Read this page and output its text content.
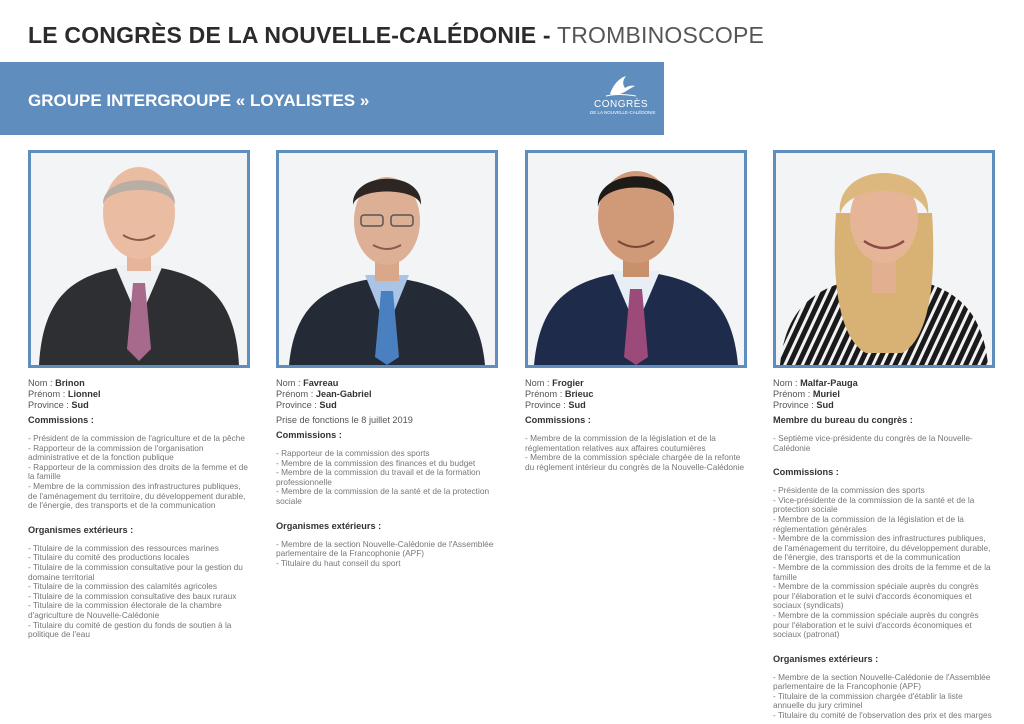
LE CONGRÈS DE LA NOUVELLE-CALÉDONIE - TROMBINOSCOPE
GROUPE INTERGROUPE « LOYALISTES »	CONGRÈS
DE LA NOUVELLE-CALÉDONIE
Nom : Brinon
Prénom : Lionnel
Province : Sud
Commissions :
- Président de la commission de l'agriculture et de la pêche
- Rapporteur de la commission de l'organisation administrative et de la fonction publique
- Rapporteur de la commission des droits de la femme et de la famille
- Membre de la commission des infrastructures publiques, de l'aménagement du territoire, du développement durable, de l'énergie, des transports et de la communication
Organismes extérieurs :
- Titulaire de la commission des ressources marines
- Titulaire du comité des productions locales
- Titulaire de la commission consultative pour la gestion du domaine territorial
- Titulaire de la commission des calamités agricoles
- Titulaire de la commission consultative des baux ruraux
- Titulaire de la commission électorale de la chambre d'agriculture de Nouvelle-Calédonie
- Titulaire du comité de gestion du fonds de soutien à la politique de l'eau
Nom : Favreau
Prénom : Jean-Gabriel
Province : Sud
Prise de fonctions le 8 juillet 2019
Commissions :
- Rapporteur de la commission des sports
- Membre de la commission des finances et du budget
- Membre de la commission du travail et de la formation professionnelle
- Membre de la commission de la santé et de la protection sociale
Organismes extérieurs :
- Membre de la section Nouvelle-Calédonie de l'Assemblée parlementaire de la Francophonie (APF)
- Titulaire du haut conseil du sport
Nom : Frogier
Prénom : Brieuc
Province : Sud
Commissions :
- Membre de la commission de la législation et de la réglementation relatives aux affaires coutumières
- Membre de la commission spéciale chargée de la refonte du règlement intérieur du congrès de la Nouvelle-Calédonie
Nom : Malfar-Pauga
Prénom : Muriel
Province : Sud
Membre du bureau du congrès :
- Septième vice-présidente du congrès de la Nouvelle-Calédonie
Commissions :
- Présidente de la commission des sports
- Vice-présidente de la commission de la santé et de la protection sociale
- Membre de la commission de la législation et de la réglementation générales
- Membre de la commission des infrastructures publiques, de l'aménagement du territoire, du développement durable, de l'énergie, des transports et de la communication
- Membre de la commission des droits de la femme et de la famille
- Membre de la commission spéciale auprès du congrès pour l'élaboration et le suivi d'accords économiques et sociaux (syndicats)
- Membre de la commission spéciale auprès du congrès pour l'élaboration et le suivi d'accords économiques et sociaux (patronat)
Organismes extérieurs :
- Membre de la section Nouvelle-Calédonie de l'Assemblée parlementaire de la Francophonie (APF)
- Titulaire de la commission chargée d'établir la liste annuelle du jury criminel
- Titulaire du comité de l'observation des prix et des marges
